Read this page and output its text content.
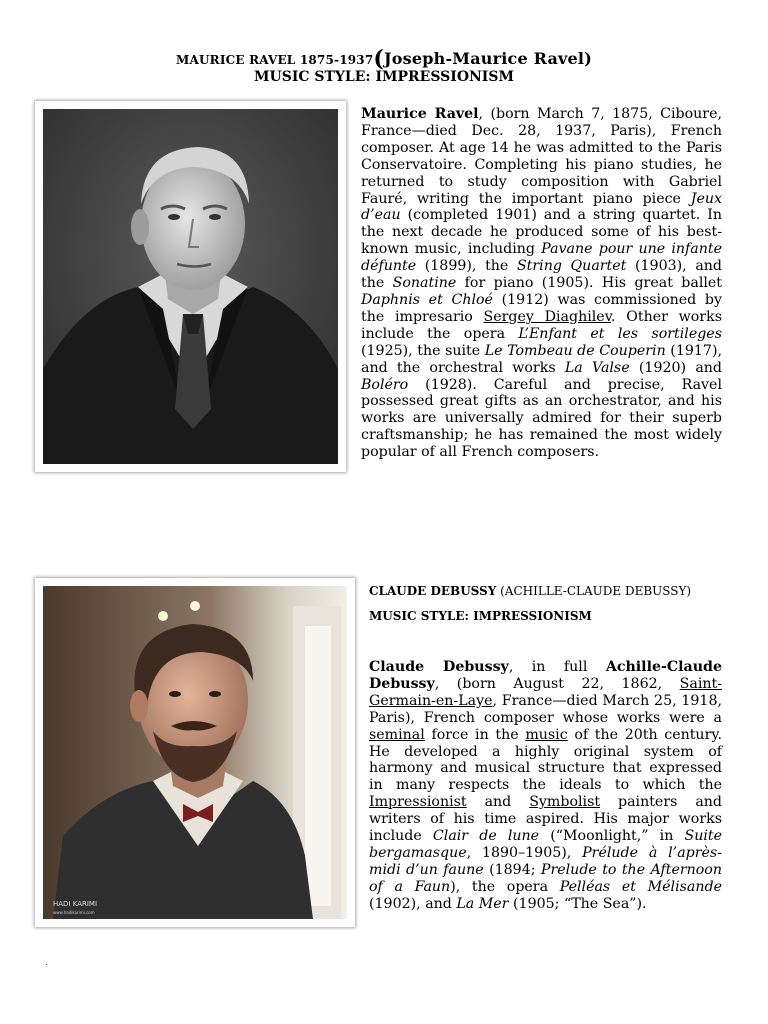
MAURICE RAVEL 1875-1937(Joseph-Maurice Ravel)
MUSIC STYLE: IMPRESSIONISM

Maurice Ravel, (born March 7, 1875, Ciboure, France—died Dec. 28, 1937, Paris), French composer. At age 14 he was admitted to the Paris Conservatoire. Completing his piano studies, he returned to study composition with Gabriel Fauré, writing the important piano piece Jeux d’eau (completed 1901) and a string quartet. In the next decade he produced some of his best-known music, including Pavane pour une infante défunte (1899), the String Quartet (1903), and the Sonatine for piano (1905). His great ballet Daphnis et Chloé (1912) was commissioned by the impresario Sergey Diaghilev. Other works include the opera L’Enfant et les sortileges (1925), the suite Le Tombeau de Couperin (1917), and the orchestral works La Valse (1920) and Boléro (1928). Careful and precise, Ravel possessed great gifts as an orchestrator, and his works are universally admired for their superb craftsmanship; he has remained the most widely popular of all French composers.

HADI KARIMI
www.hadikarimi.com
CLAUDE DEBUSSY (ACHILLE-CLAUDE DEBUSSY)
MUSIC STYLE: IMPRESSIONISM

Claude Debussy, in full Achille-Claude Debussy, (born August 22, 1862, Saint-Germain-en-Laye, France—died March 25, 1918, Paris), French composer whose works were a seminal force in the music of the 20th century. He developed a highly original system of harmony and musical structure that expressed in many respects the ideals to which the Impressionist and Symbolist painters and writers of his time aspired. His major works include Clair de lune (“Moonlight,” in Suite bergamasque, 1890–1905), Prélude à l’après-midi d’un faune (1894; Prelude to the Afternoon of a Faun), the opera Pelléas et Mélisande (1902), and La Mer (1905; “The Sea”).

.
